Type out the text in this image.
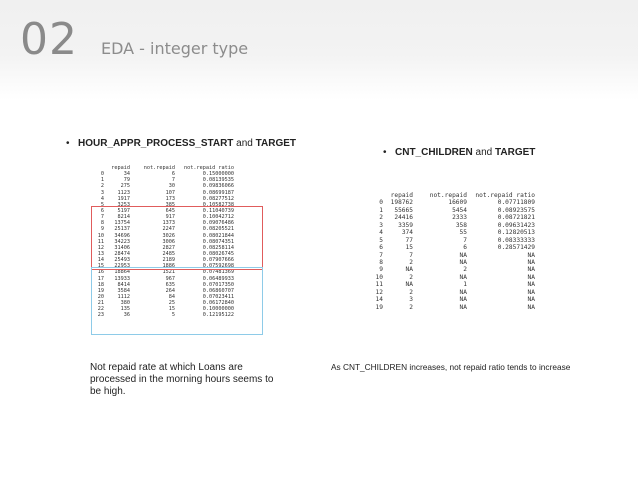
02 EDA - integer type
• HOUR_APPR_PROCESS_START and TARGET
repaid	not.repaid	not.repaid ratio
0	34	6	0.15000000
1	79	7	0.08139535
2	275	30	0.09836066
3	1123	107	0.08699187
4	1917	173	0.08277512
5	3253	385	0.10582738
6	5197	645	0.11040739
7	8214	917	0.10042712
8	13754	1373	0.09076486
9	25137	2247	0.08205521
10	34696	3026	0.08021844
11	34223	3006	0.08074351
12	31406	2827	0.08258114
13	28474	2485	0.08026745
14	25493	2189	0.07907666
15	22953	1886	0.07592698
16	18864	1521	0.07481369
17	13933	967	0.06489933
18	8414	635	0.07017350
19	3584	264	0.06860707
20	1112	84	0.07023411
21	380	25	0.06172840
22	135	15	0.10000000
23	36	5	0.12195122
Not repaid rate at which Loans are processed in the morning hours seems to be high.
• CNT_CHILDREN and TARGET
repaid	not.repaid	not.repaid ratio
0	198762	16609	0.07711809
1	55665	5454	0.08923575
2	24416	2333	0.08721821
3	3359	358	0.09631423
4	374	55	0.12820513
5	77	7	0.08333333
6	15	6	0.28571429
7	7	NA	NA
8	2	NA	NA
9	NA	2	NA
10	2	NA	NA
11	NA	1	NA
12	2	NA	NA
14	3	NA	NA
19	2	NA	NA
As CNT_CHILDREN increases, not repaid ratio tends to increase
